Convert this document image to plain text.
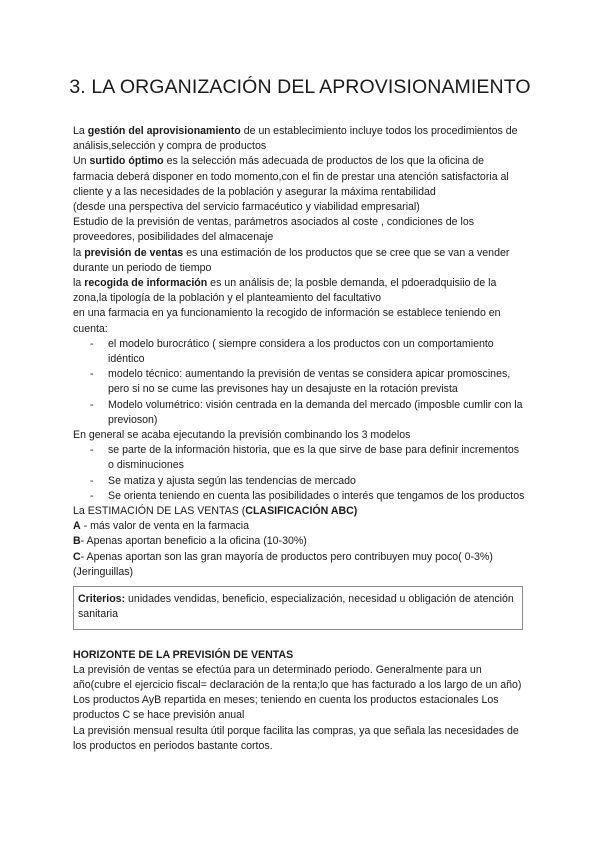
3. LA ORGANIZACIÓN DEL APROVISIONAMIENTO

La gestión del aprovisionamiento de un establecimiento incluye todos los procedimientos de análisis,selección y compra de productos

Un surtido óptimo es la selección más adecuada de productos de los que la oficina de farmacia deberá disponer en todo momento,con el fin de prestar una atención satisfactoria al cliente y a las necesidades de la población y asegurar la máxima rentabilidad

(desde una perspectiva del servicio farmacéutico y viabilidad empresarial)

Estudio de la previsión de ventas, parámetros asociados al coste , condiciones de los proveedores, posibilidades del almacenaje

la previsión de ventas es una estimación de los productos que se cree que se van a vender durante un periodo de tiempo

la recogida de información es un análisis de; la posble demanda, el pdoeradquisiio de la zona,la tipología de la población y el planteamiento del facultativo

en una farmacia en ya funcionamiento la recogido de información se establece teniendo en cuenta:

- el modelo burocrático ( siempre considera a los productos con un comportamiento idéntico
- modelo técnico: aumentando la previsión de ventas se considera apicar promoscines, pero si no se cume las previsones hay un desajuste en la rotación prevista
- Modelo volumétrico: visión centrada en la demanda del mercado (imposble cumlir con la previoson)

En general se acaba ejecutando la previsión combinando los 3 modelos

- se parte de la información historia, que es la que sirve de base para definir incrementos o disminuciones
- Se matiza y ajusta según las tendencias de mercado
- Se orienta teniendo en cuenta las posibilidades o interés que tengamos de los productos

La ESTIMACIÓN DE LAS VENTAS (CLASIFICACIÓN ABC)

A - más valor de venta en la farmacia

B- Apenas aportan beneficio a la oficina (10-30%)

C- Apenas aportan son las gran mayoría de productos pero contribuyen muy poco( 0-3%) (Jeringuillas)

Criterios: unidades vendidas, beneficio, especialización, necesidad u obligación de atención sanitaria

HORIZONTE DE LA PREVISIÓN DE VENTAS

La previsión de ventas se efectúa para un determinado periodo. Generalmente para un año(cubre el ejercicio fiscal= declaración de la renta;lo que has facturado a los largo de un año) Los productos AyB repartida en meses; teniendo en cuenta los productos estacionales Los productos C se hace previsión anual

La previsión mensual resulta útil porque facilita las compras, ya que señala las necesidades de los productos en periodos bastante cortos.
